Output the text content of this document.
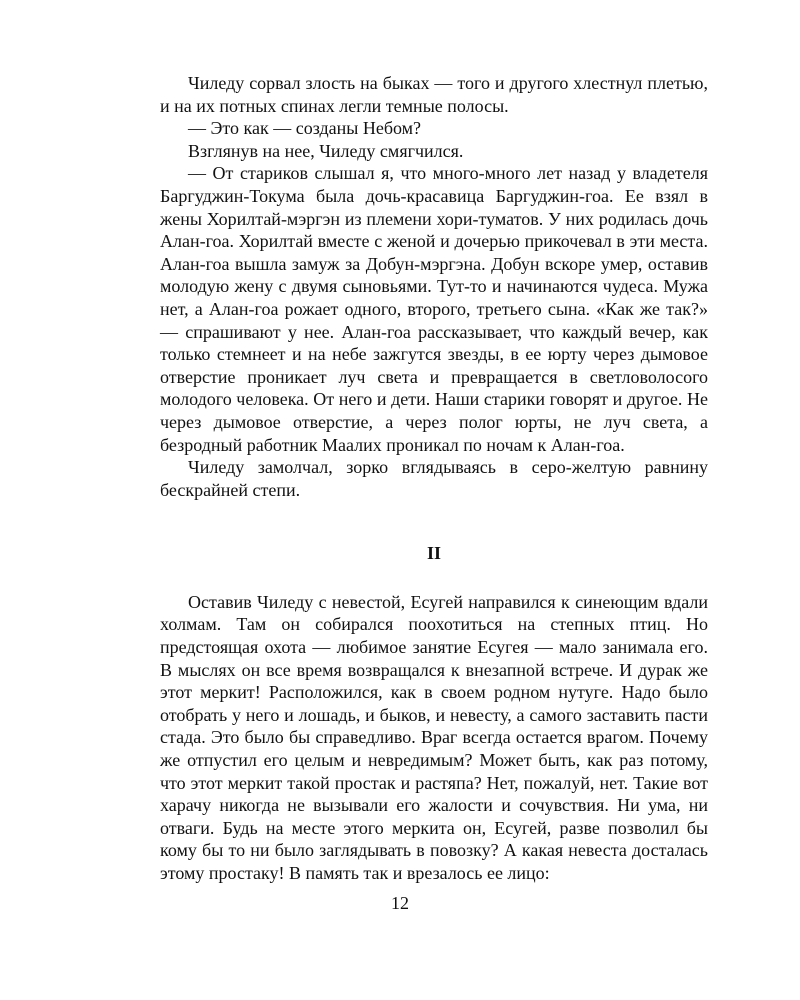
Чиледу сорвал злость на быках — того и другого хлестнул плетью, и на их потных спинах легли темные полосы.

— Это как — созданы Небом?

Взглянув на нее, Чиледу смягчился.

— От стариков слышал я, что много-много лет назад у владетеля Баргуджин-Токума была дочь-красавица Баргуджин-гоа. Ее взял в жены Хорилтай-мэргэн из племени хори-туматов. У них родилась дочь Алан-гоа. Хорилтай вместе с женой и дочерью прикочевал в эти места. Алан-гоа вышла замуж за Добун-мэргэна. Добун вскоре умер, оставив молодую жену с двумя сыновьями. Тут-то и начинаются чудеса. Мужа нет, а Алан-гоа рожает одного, второго, третьего сына. «Как же так?» — спрашивают у нее. Алан-гоа рассказывает, что каждый вечер, как только стемнеет и на небе зажгутся звезды, в ее юрту через дымовое отверстие проникает луч света и превращается в светловолосого молодого человека. От него и дети. Наши старики говорят и другое. Не через дымовое отверстие, а через полог юрты, не луч света, а безродный работник Маалих проникал по ночам к Алан-гоа.

Чиледу замолчал, зорко вглядываясь в серо-желтую равнину бескрайней степи.

II

Оставив Чиледу с невестой, Есугей направился к синеющим вдали холмам. Там он собирался поохотиться на степных птиц. Но предстоящая охота — любимое занятие Есугея — мало занимала его. В мыслях он все время возвращался к внезапной встрече. И дурак же этот меркит! Расположился, как в своем родном нутуге. Надо было отобрать у него и лошадь, и быков, и невесту, а самого заставить пасти стада. Это было бы справедливо. Враг всегда остается врагом. Почему же отпустил его целым и невредимым? Может быть, как раз потому, что этот меркит такой простак и растяпа? Нет, пожалуй, нет. Такие вот харачу никогда не вызывали его жалости и сочувствия. Ни ума, ни отваги. Будь на месте этого меркита он, Есугей, разве позволил бы кому бы то ни было заглядывать в повозку? А какая невеста досталась этому простаку! В память так и врезалось ее лицо:

12
